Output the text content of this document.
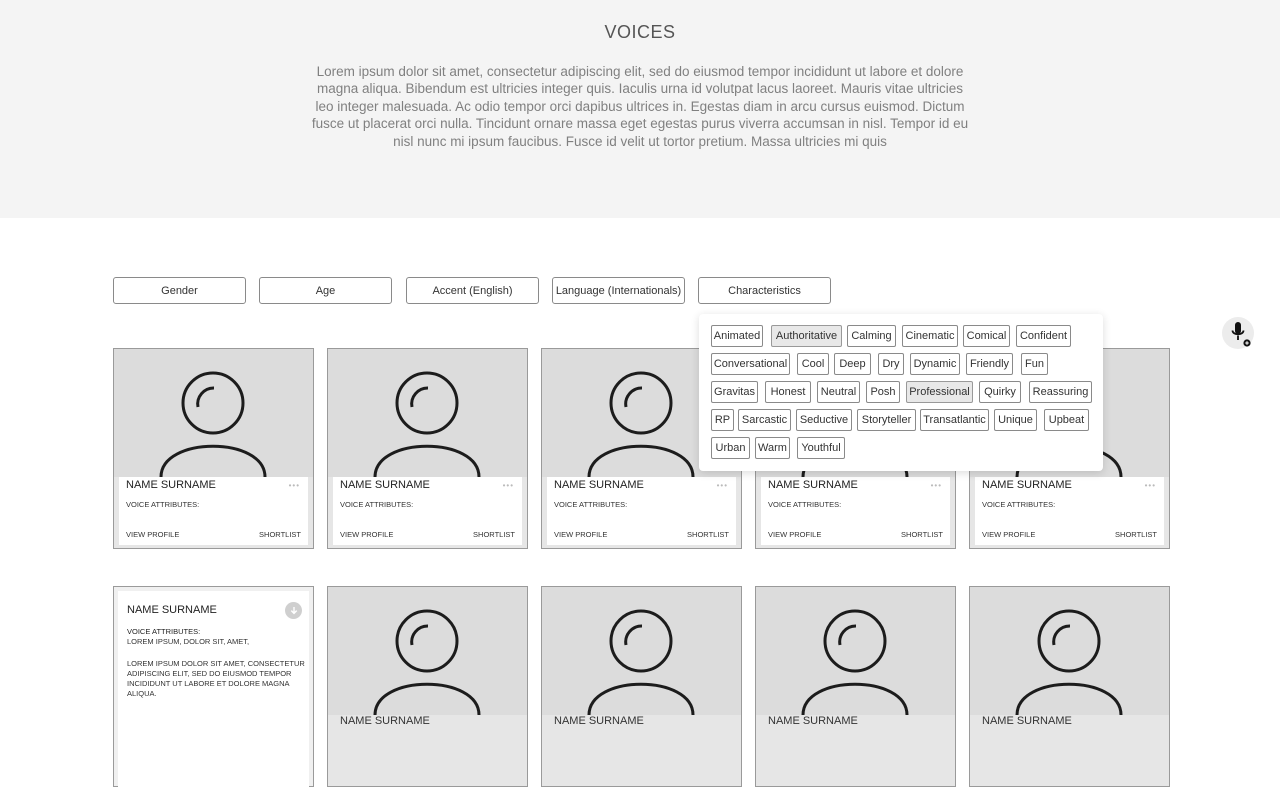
VOICES
Lorem ipsum dolor sit amet, consectetur adipiscing elit, sed do eiusmod tempor incididunt ut labore et dolore magna aliqua. Bibendum est ultricies integer quis. Iaculis urna id volutpat lacus laoreet. Mauris vitae ultricies leo integer malesuada. Ac odio tempor orci dapibus ultrices in. Egestas diam in arcu cursus euismod. Dictum fusce ut placerat orci nulla. Tincidunt ornare massa eget egestas purus viverra accumsan in nisl. Tempor id eu nisl nunc mi ipsum faucibus. Fusce id velit ut tortor pretium. Massa ultricies mi quis
Gender	Age	Accent (English)	Language (Internationals)	Characteristics
NAME SURNAME	•••
VOICE ATTRIBUTES:
VIEW PROFILE	SHORTLIST
NAME SURNAME	•••
VOICE ATTRIBUTES:
VIEW PROFILE	SHORTLIST
NAME SURNAME	•••
VOICE ATTRIBUTES:
VIEW PROFILE	SHORTLIST
NAME SURNAME	•••
VOICE ATTRIBUTES:
VIEW PROFILE	SHORTLIST
NAME SURNAME	•••
VOICE ATTRIBUTES:
VIEW PROFILE	SHORTLIST
NAME SURNAME	NAME SURNAME	NAME SURNAME	NAME SURNAME
NAME SURNAME
VOICE ATTRIBUTES:
LOREM IPSUM, DOLOR SIT, AMET,
LOREM IPSUM DOLOR SIT AMET, CONSECTETUR ADIPISCING ELIT, SED DO EIUSMOD TEMPOR INCIDIDUNT UT LABORE ET DOLORE MAGNA ALIQUA.
Animated	Authoritative	Calming	Cinematic	Comical	Confident
Conversational	Cool	Deep	Dry	Dynamic	Friendly	Fun
Gravitas	Honest	Neutral	Posh	Professional	Quirky	Reassuring
RP	Sarcastic	Seductive	Storyteller	Transatlantic	Unique	Upbeat
Urban	Warm	Youthful
